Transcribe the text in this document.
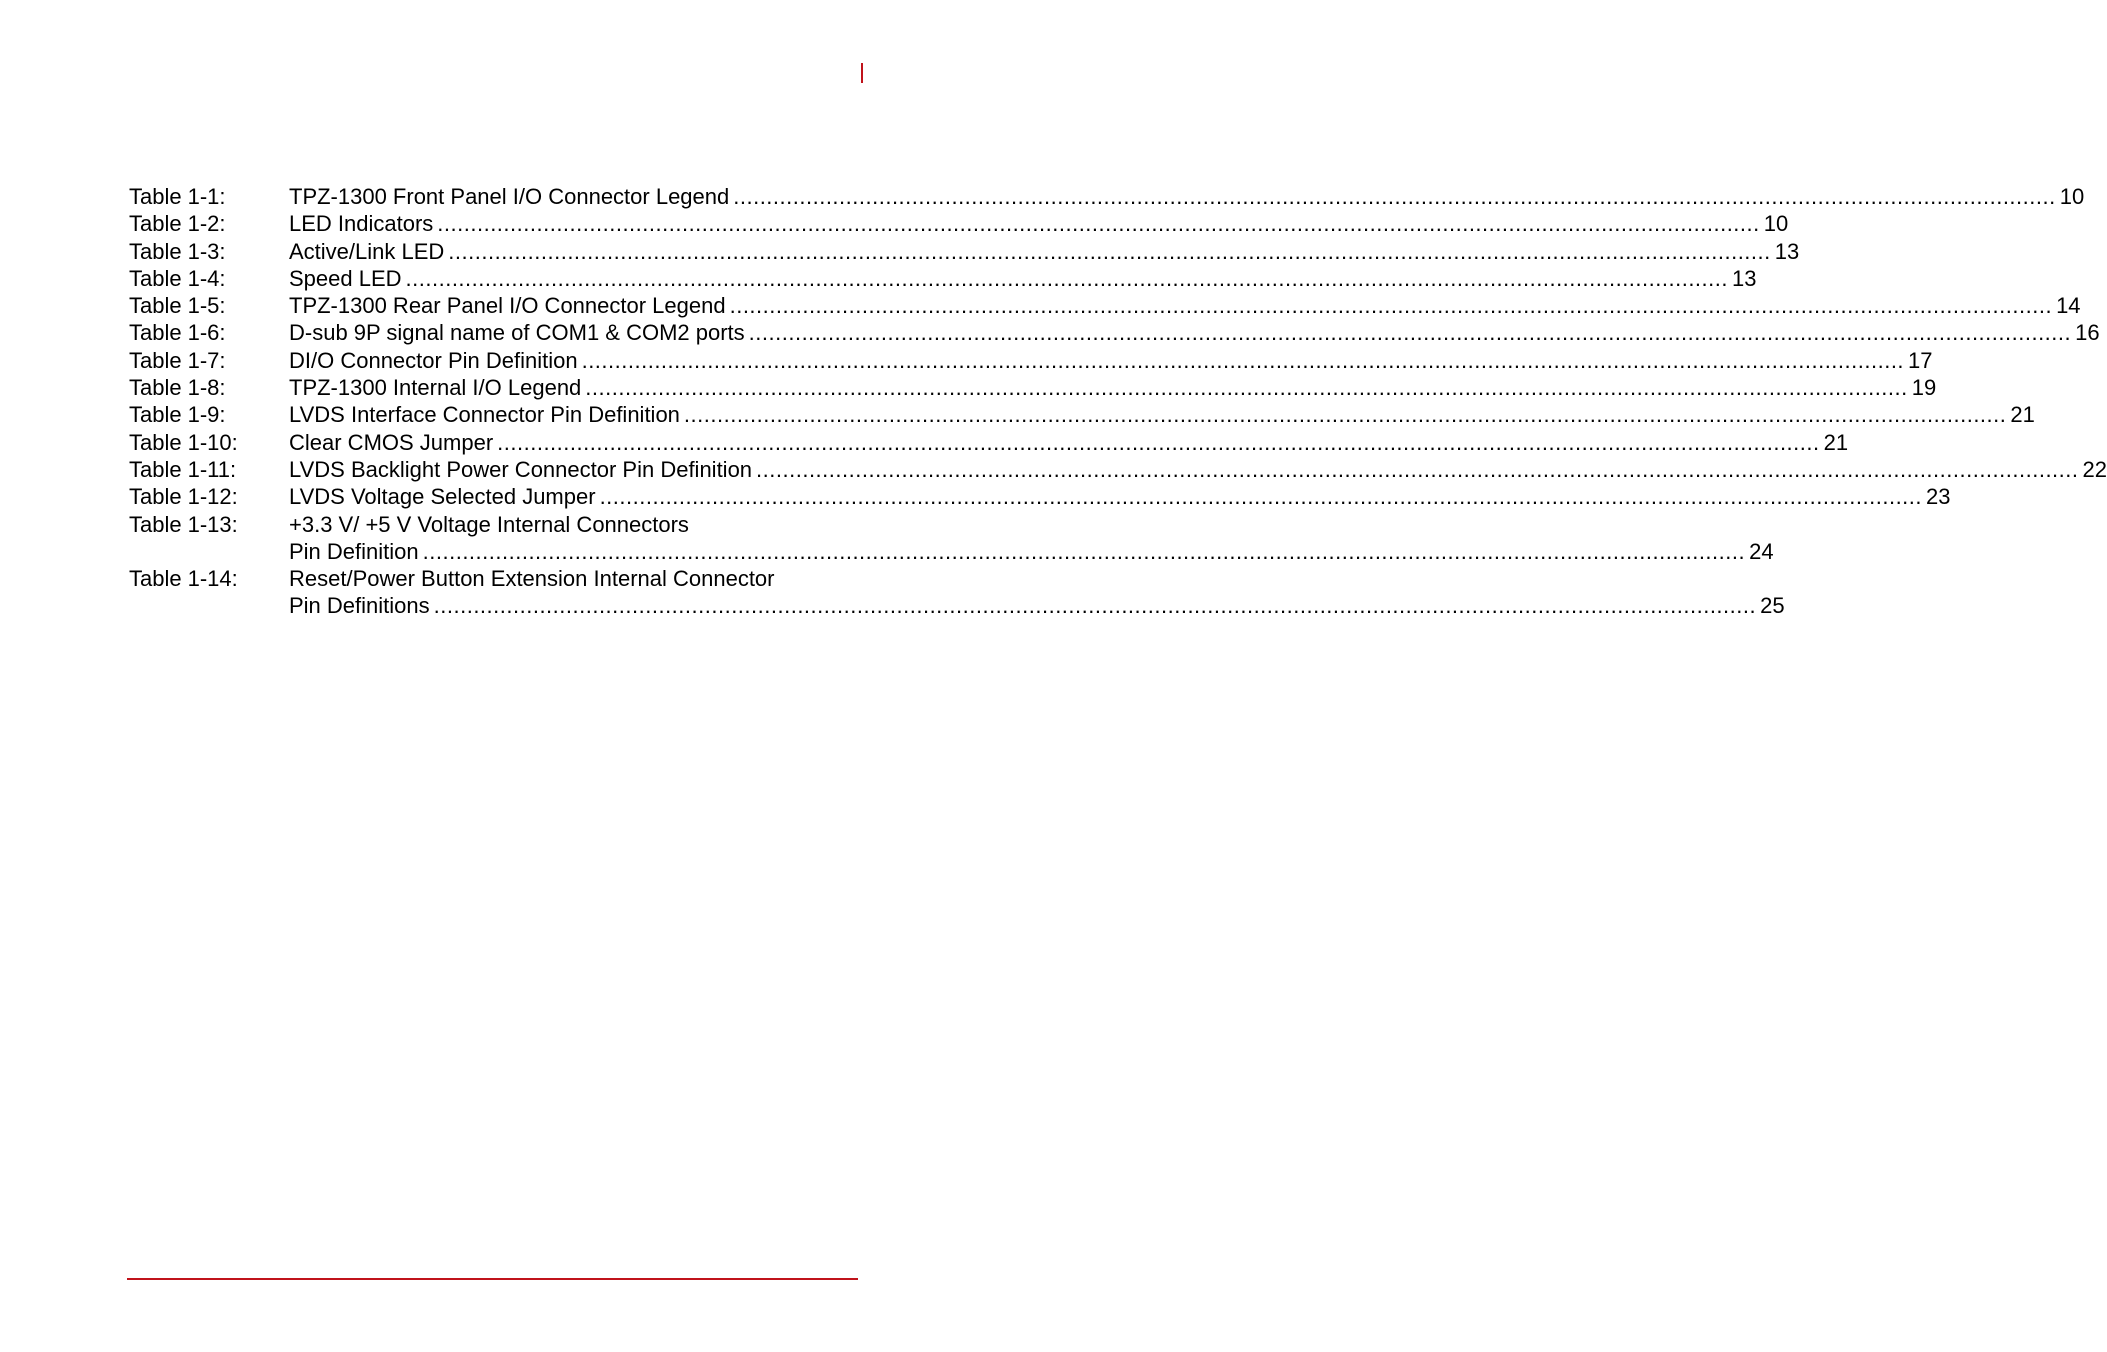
Table 1-1:	TPZ-1300 Front Panel I/O Connector Legend ........................................................................................................................................................................................................ 10
Table 1-2:	LED Indicators ........................................................................................................................................................................................................ 10
Table 1-3:	Active/Link LED ........................................................................................................................................................................................................ 13
Table 1-4:	Speed LED ........................................................................................................................................................................................................ 13
Table 1-5:	TPZ-1300 Rear Panel I/O Connector Legend ........................................................................................................................................................................................................ 14
Table 1-6:	D-sub 9P signal name of COM1 & COM2 ports ........................................................................................................................................................................................................ 16
Table 1-7:	DI/O Connector Pin Definition ........................................................................................................................................................................................................ 17
Table 1-8:	TPZ-1300 Internal I/O Legend ........................................................................................................................................................................................................ 19
Table 1-9:	LVDS Interface Connector Pin Definition ........................................................................................................................................................................................................ 21
Table 1-10:	Clear CMOS Jumper ........................................................................................................................................................................................................ 21
Table 1-11:	LVDS Backlight Power Connector Pin Definition ........................................................................................................................................................................................................ 22
Table 1-12:	LVDS Voltage Selected Jumper ........................................................................................................................................................................................................ 23
Table 1-13:	+3.3 V/ +5 V Voltage Internal Connectors
Pin Definition ........................................................................................................................................................................................................ 24
Table 1-14:	Reset/Power Button Extension Internal Connector
Pin Definitions ........................................................................................................................................................................................................ 25
